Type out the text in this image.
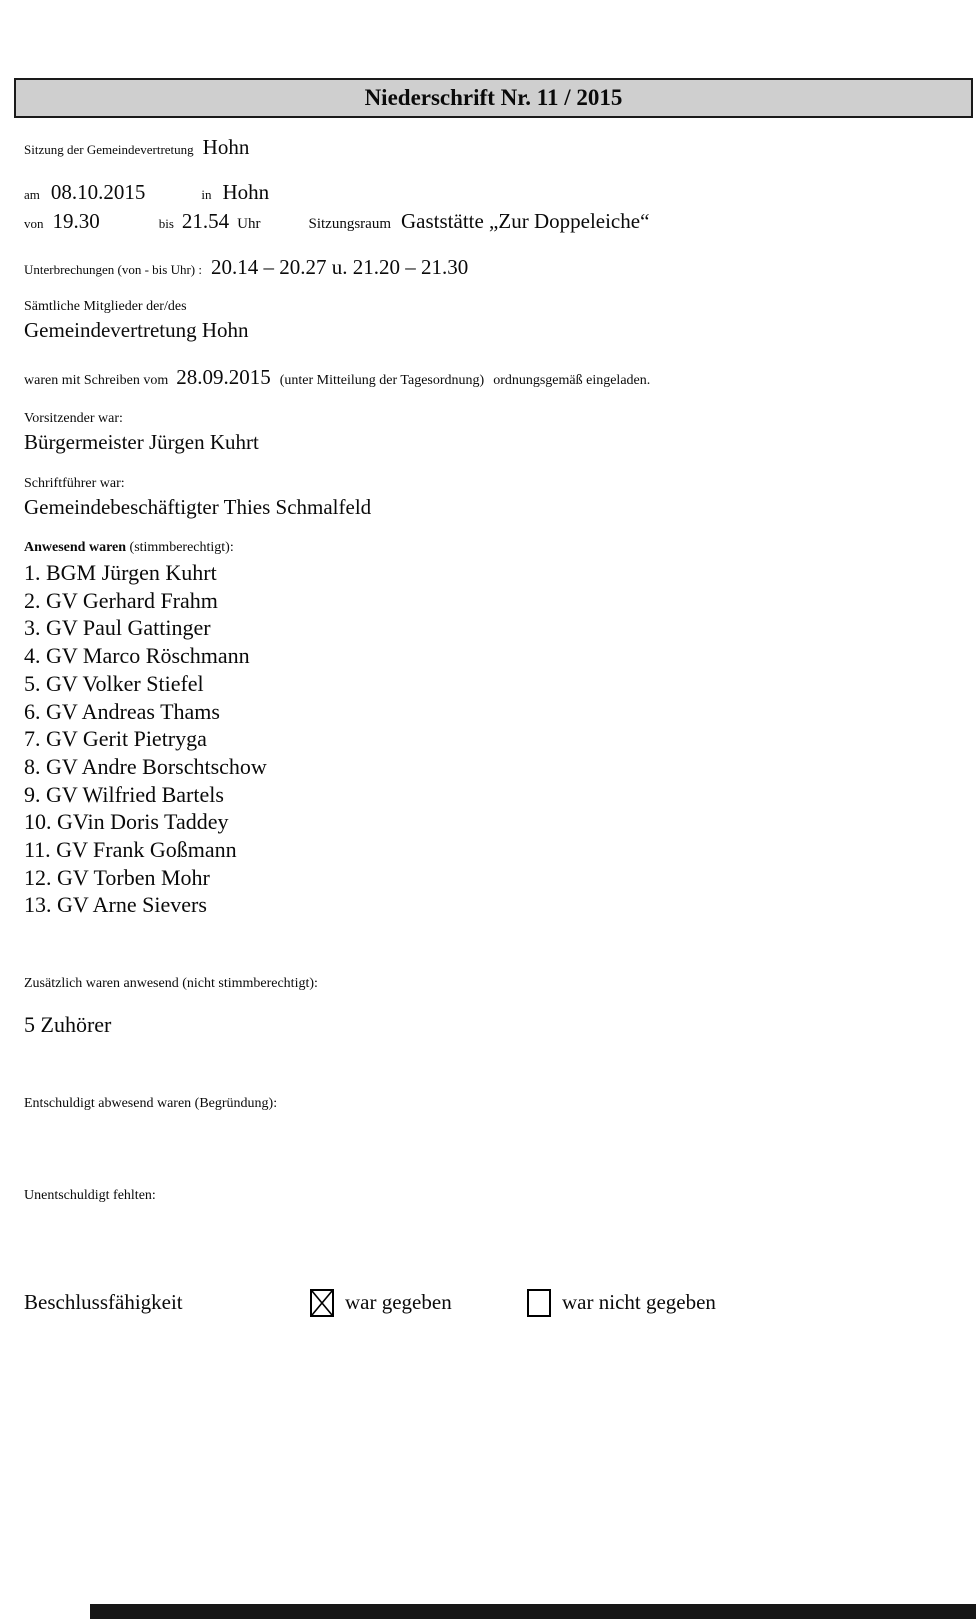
Niederschrift Nr. 11 / 2015
Sitzung der Gemeindevertretung Hohn
am 08.10.2015	in Hohn
von 19.30	bis 21.54 Uhr	Sitzungsraum Gaststätte „Zur Doppeleiche“
Unterbrechungen (von - bis Uhr) : 20.14 – 20.27 u. 21.20 – 21.30
Sämtliche Mitglieder der/des
Gemeindevertretung Hohn
waren mit Schreiben vom 28.09.2015 (unter Mitteilung der Tagesordnung) ordnungsgemäß eingeladen.
Vorsitzender war:
Bürgermeister Jürgen Kuhrt
Schriftführer war:
Gemeindebeschäftigter Thies Schmalfeld
Anwesend waren (stimmberechtigt):
1. BGM Jürgen Kuhrt
2. GV Gerhard Frahm
3. GV Paul Gattinger
4. GV Marco Röschmann
5. GV Volker Stiefel
6. GV Andreas Thams
7. GV Gerit Pietryga
8. GV Andre Borschtschow
9. GV Wilfried Bartels
10. GVin Doris Taddey
11. GV Frank Goßmann
12. GV Torben Mohr
13. GV Arne Sievers
Zusätzlich waren anwesend (nicht stimmberechtigt):
5 Zuhörer
Entschuldigt abwesend waren (Begründung):
Unentschuldigt fehlten:
Beschlussfähigkeit	war gegeben	war nicht gegeben
